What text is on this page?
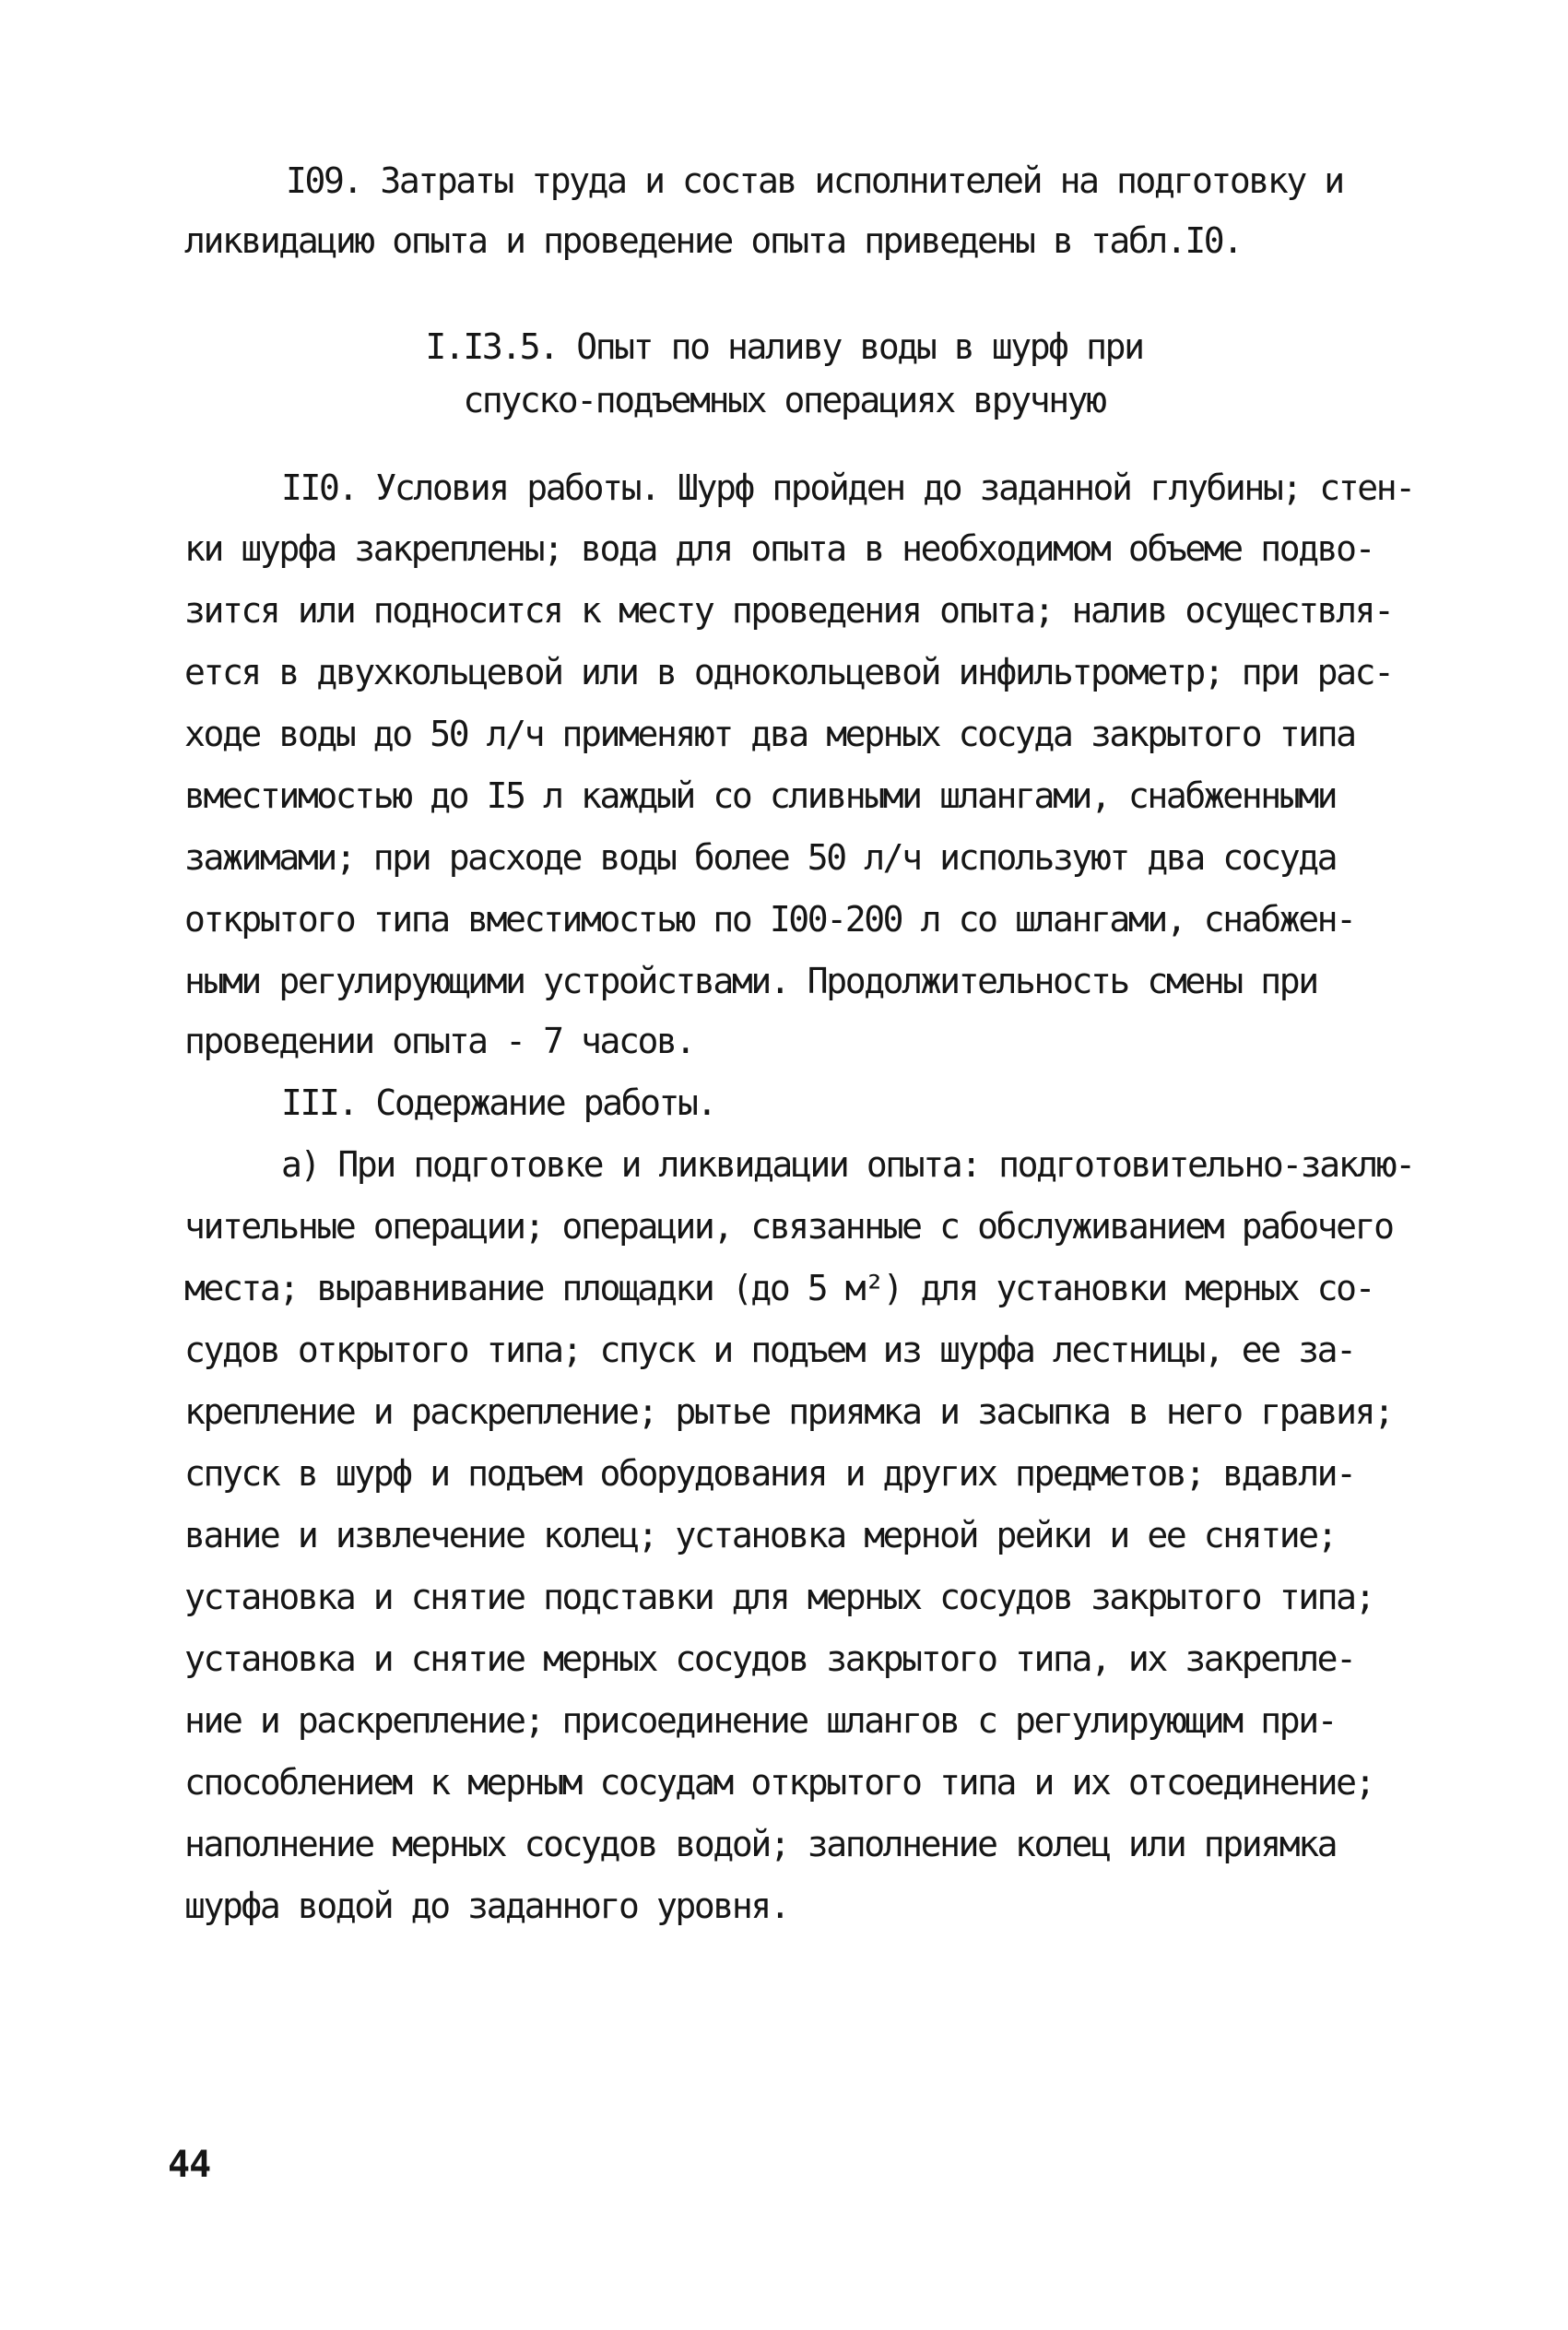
I09. Затраты труда и состав исполнителей на подготовку и

ликвидацию опыта и проведение опыта приведены в табл.I0.

I.I3.5. Опыт по наливу воды в шурф при

спуско-подъемных операциях вручную

II0. Условия работы. Шурф пройден до заданной глубины; стен-

ки шурфа закреплены; вода для опыта в необходимом объеме подво-

зится или подносится к месту проведения опыта; налив осуществля-

ется в двухкольцевой или в однокольцевой инфильтрометр; при рас-

ходе воды до 50 л/ч применяют два мерных сосуда закрытого типа

вместимостью до I5 л каждый со сливными шлангами, снабженными

зажимами; при расходе воды более 50 л/ч используют два сосуда

открытого типа вместимостью по I00-200 л со шлангами, снабжен-

ными регулирующими устройствами. Продолжительность смены при

проведении опыта - 7 часов.

III. Содержание работы.

а) При подготовке и ликвидации опыта: подготовительно-заклю-

чительные операции; операции, связанные с обслуживанием рабочего

места; выравнивание площадки (до 5 м²) для установки мерных со-

судов открытого типа; спуск и подъем из шурфа лестницы, ее за-

крепление и раскрепление; рытье приямка и засыпка в него гравия;

спуск в шурф и подъем оборудования и других предметов; вдавли-

вание и извлечение колец; установка мерной рейки и ее снятие;

установка и снятие подставки для мерных сосудов закрытого типа;

установка и снятие мерных сосудов закрытого типа, их закрепле-

ние и раскрепление; присоединение шлангов с регулирующим при-

способлением к мерным сосудам открытого типа и их отсоединение;

наполнение мерных сосудов водой; заполнение колец или приямка

шурфа водой до заданного уровня.

44
